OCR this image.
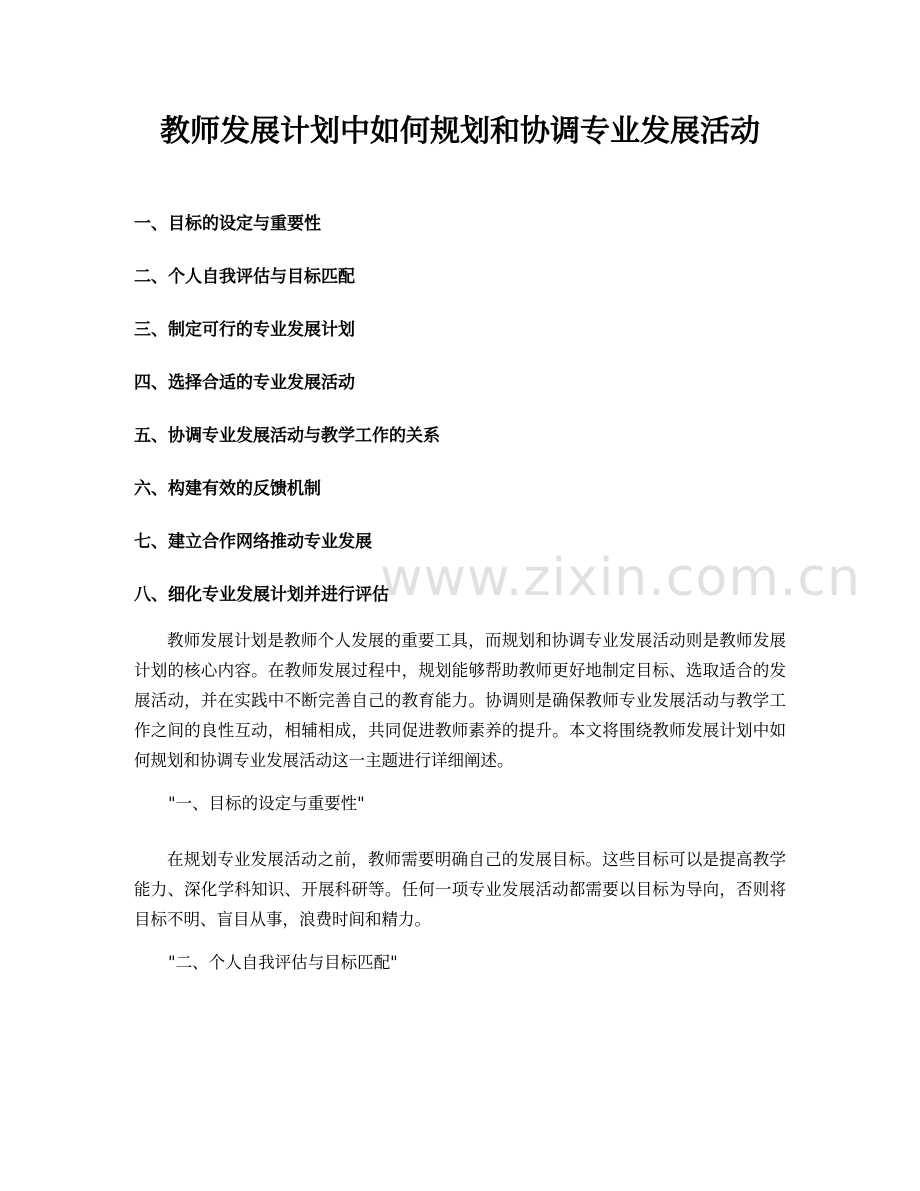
教师发展计划中如何规划和协调专业发展活动
一、目标的设定与重要性
二、个人自我评估与目标匹配
三、制定可行的专业发展计划
四、选择合适的专业发展活动
五、协调专业发展活动与教学工作的关系
六、构建有效的反馈机制
七、建立合作网络推动专业发展
八、细化专业发展计划并进行评估

教师发展计划是教师个人发展的重要工具，而规划和协调专业发展活动则是教师发展计划的核心内容。在教师发展过程中，规划能够帮助教师更好地制定目标、选取适合的发展活动，并在实践中不断完善自己的教育能力。协调则是确保教师专业发展活动与教学工作之间的良性互动，相辅相成，共同促进教师素养的提升。本文将围绕教师发展计划中如何规划和协调专业发展活动这一主题进行详细阐述。

"一、目标的设定与重要性"

在规划专业发展活动之前，教师需要明确自己的发展目标。这些目标可以是提高教学能力、深化学科知识、开展科研等。任何一项专业发展活动都需要以目标为导向，否则将目标不明、盲目从事，浪费时间和精力。

"二、个人自我评估与目标匹配"

www.zixin.com.cn
